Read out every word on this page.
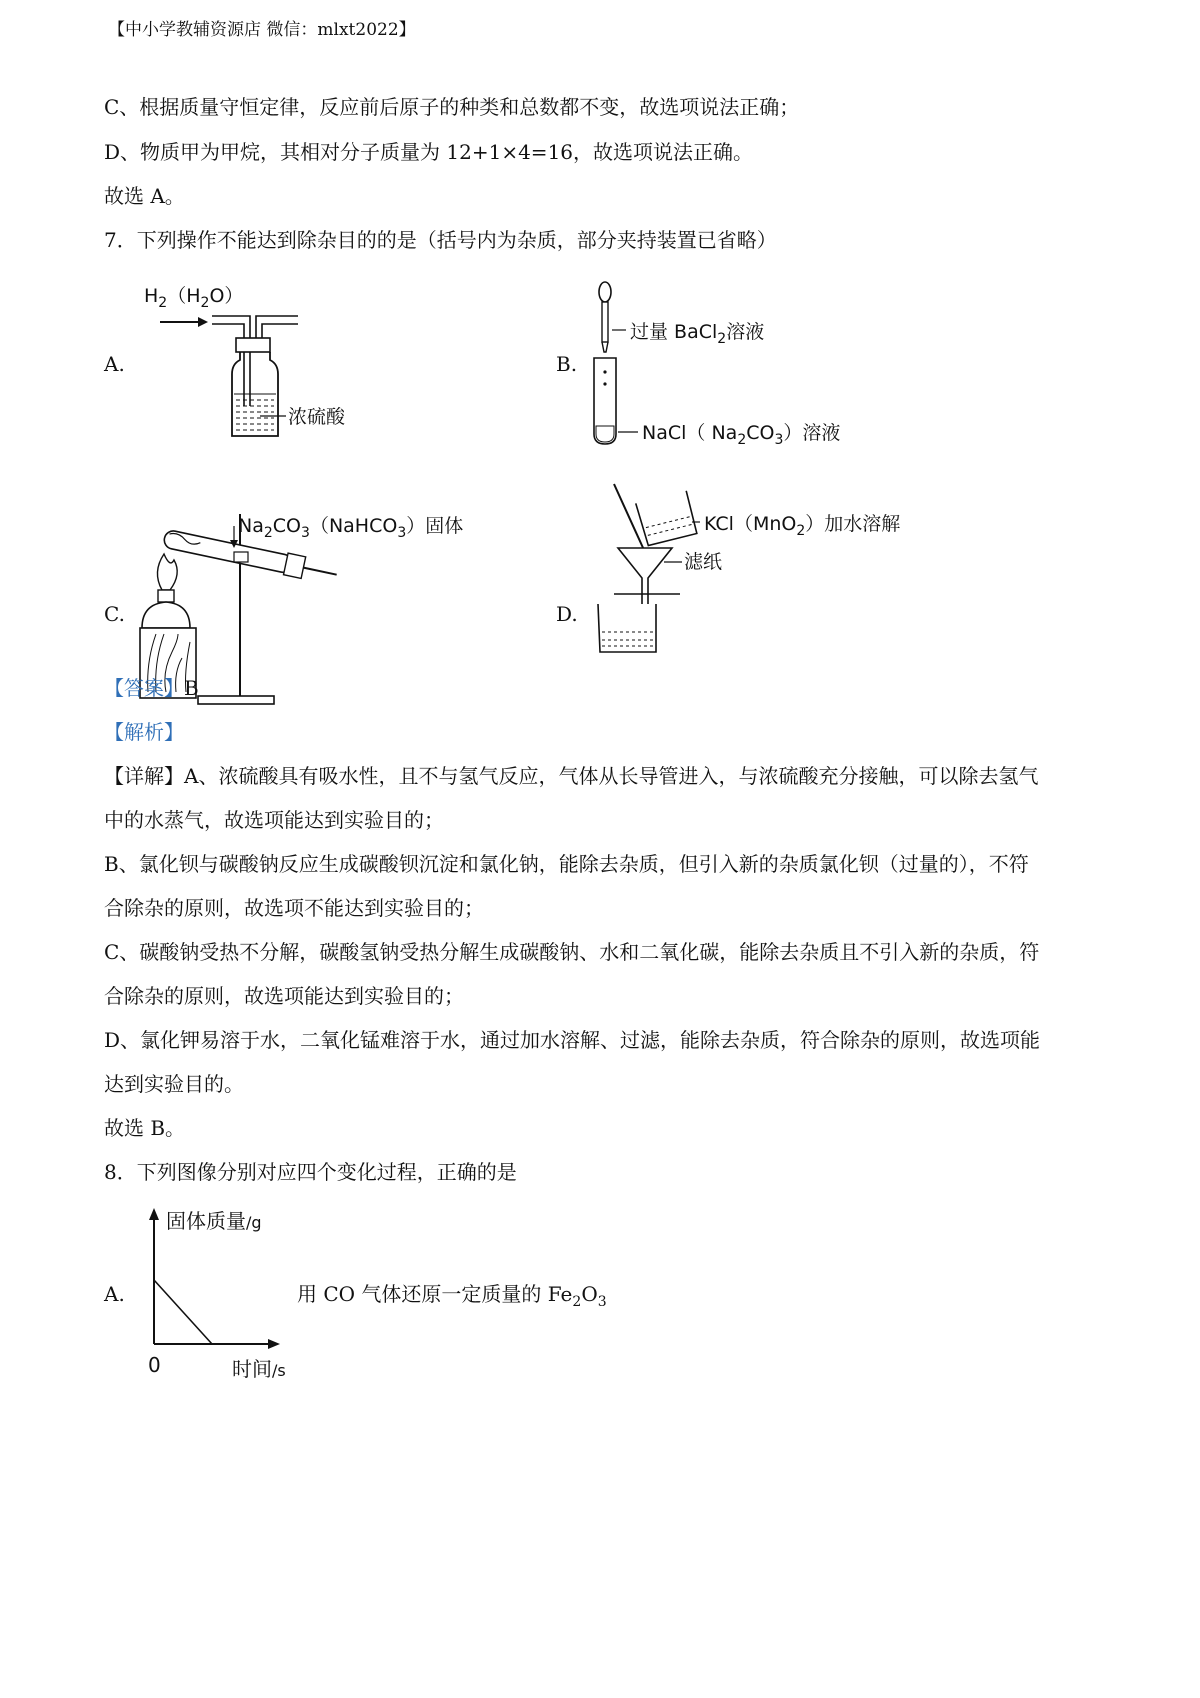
【中小学教辅资源店 微信：mlxt2022】
C、根据质量守恒定律，反应前后原子的种类和总数都不变，故选项说法正确；
D、物质甲为甲烷，其相对分子质量为 12+1×4=16，故选项说法正确。
故选 A。
7．下列操作不能达到除杂目的的是（括号内为杂质，部分夹持装置已省略）
A.
$H_2(H_2O)$
浓硫酸
B.
过量 BaCl$_2$溶液
NaCl（ $Na_2CO_3$）溶液
C.
$Na_2CO_3(NaHCO_3)$固体
D.
KCl（MnO$_2$）加水溶解
滤纸
【答案】B
【解析】
【详解】A、浓硫酸具有吸水性，且不与氢气反应，气体从长导管进入，与浓硫酸充分接触，可以除去氢气
中的水蒸气，故选项能达到实验目的；
B、氯化钡与碳酸钠反应生成碳酸钡沉淀和氯化钠，能除去杂质，但引入新的杂质氯化钡（过量的），不符
合除杂的原则，故选项不能达到实验目的；
C、碳酸钠受热不分解，碳酸氢钠受热分解生成碳酸钠、水和二氧化碳，能除去杂质且不引入新的杂质，符
合除杂的原则，故选项能达到实验目的；
D、氯化钾易溶于水，二氧化锰难溶于水，通过加水溶解、过滤，能除去杂质，符合除杂的原则，故选项能
达到实验目的。
故选 B。
8．下列图像分别对应四个变化过程，正确的是
A.
固体质量/g
0	时间/s
用 CO 气体还原一定质量的 $Fe_2O_3$
